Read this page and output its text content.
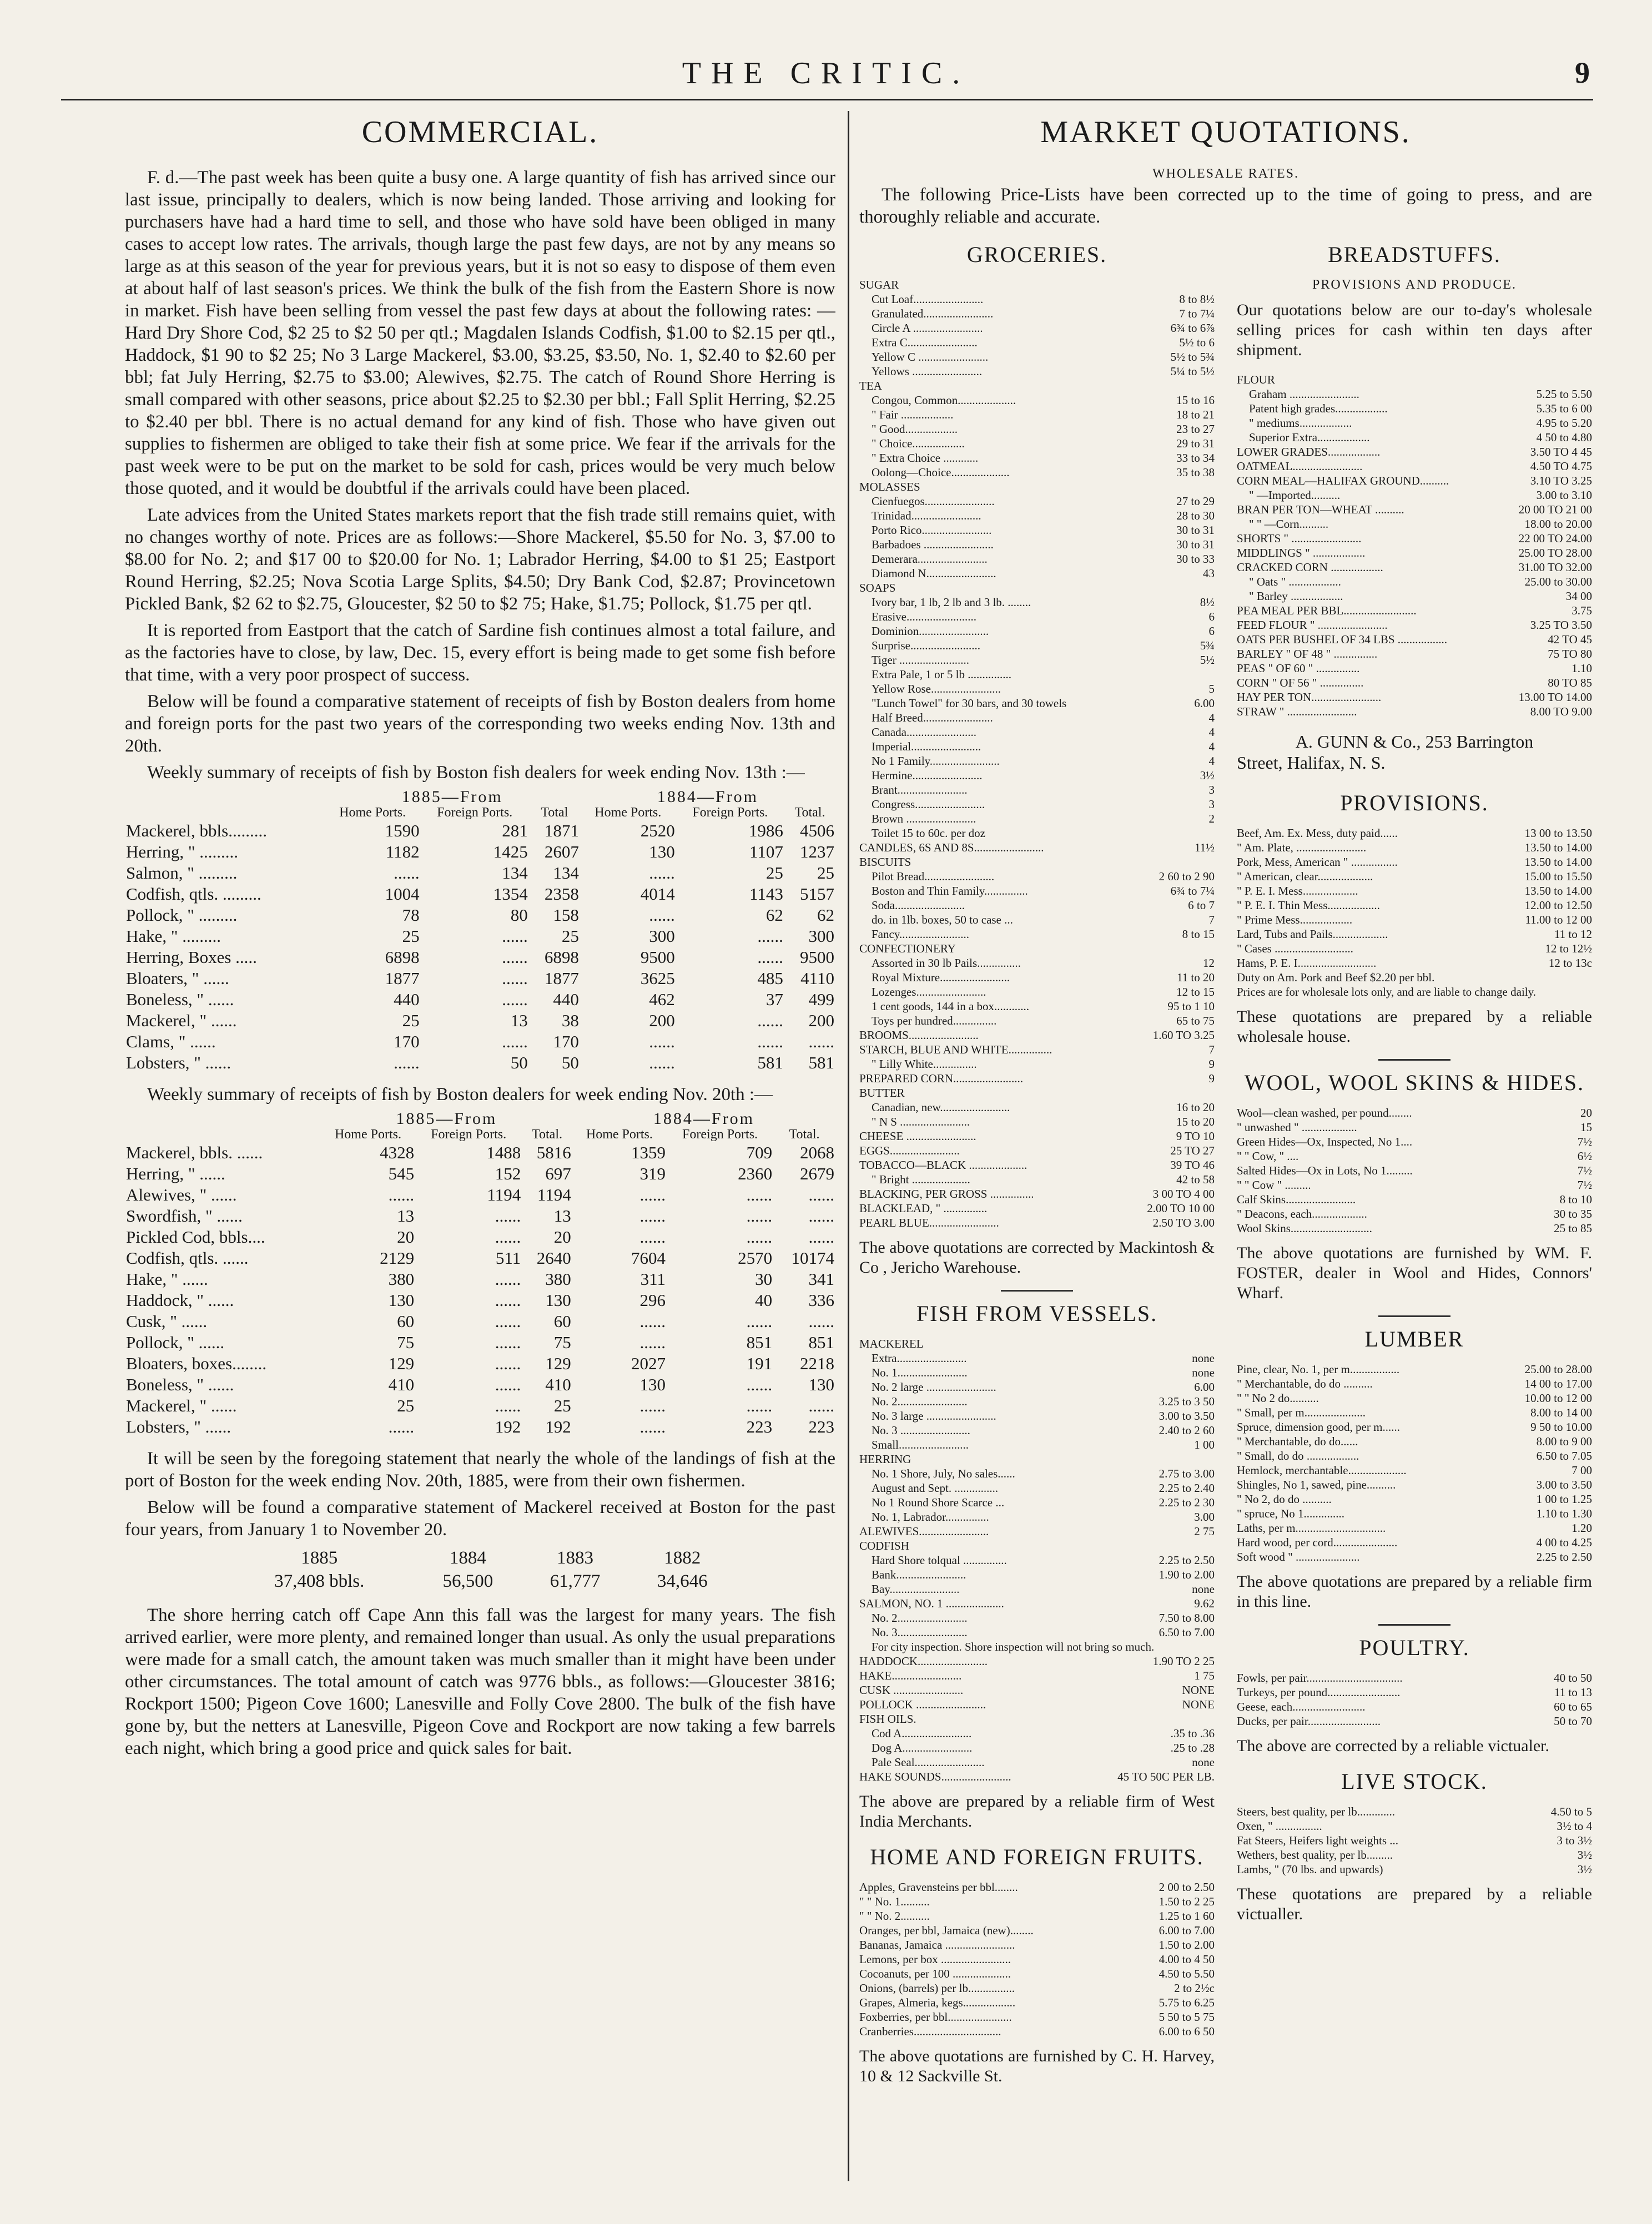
THE CRITIC.	9
COMMERCIAL.

F. d.—The past week has been quite a busy one. A large quantity of fish has arrived since our last issue, principally to dealers, which is now being landed. Those arriving and looking for purchasers have had a hard time to sell, and those who have sold have been obliged in many cases to accept low rates. The arrivals, though large the past few days, are not by any means so large as at this season of the year for previous years, but it is not so easy to dispose of them even at about half of last season's prices. We think the bulk of the fish from the Eastern Shore is now in market. Fish have been selling from vessel the past few days at about the following rates: —Hard Dry Shore Cod, $2 25 to $2 50 per qtl.; Magdalen Islands Codfish, $1.00 to $2.15 per qtl., Haddock, $1 90 to $2 25; No 3 Large Mackerel, $3.00, $3.25, $3.50, No. 1, $2.40 to $2.60 per bbl; fat July Herring, $2.75 to $3.00; Alewives, $2.75. The catch of Round Shore Herring is small compared with other seasons, price about $2.25 to $2.30 per bbl.; Fall Split Herring, $2.25 to $2.40 per bbl. There is no actual demand for any kind of fish. Those who have given out supplies to fishermen are obliged to take their fish at some price. We fear if the arrivals for the past week were to be put on the market to be sold for cash, prices would be very much below those quoted, and it would be doubtful if the arrivals could have been placed.

Late advices from the United States markets report that the fish trade still remains quiet, with no changes worthy of note. Prices are as follows:—Shore Mackerel, $5.50 for No. 3, $7.00 to $8.00 for No. 2; and $17 00 to $20.00 for No. 1; Labrador Herring, $4.00 to $1 25; Eastport Round Herring, $2.25; Nova Scotia Large Splits, $4.50; Dry Bank Cod, $2.87; Provincetown Pickled Bank, $2 62 to $2.75, Gloucester, $2 50 to $2 75; Hake, $1.75; Pollock, $1.75 per qtl.

It is reported from Eastport that the catch of Sardine fish continues almost a total failure, and as the factories have to close, by law, Dec. 15, every effort is being made to get some fish before that time, with a very poor prospect of success.

Below will be found a comparative statement of receipts of fish by Boston dealers from home and foreign ports for the past two years of the corresponding two weeks ending Nov. 13th and 20th.

Weekly summary of receipts of fish by Boston fish dealers for week ending Nov. 13th :—

	1885—From			1884—From		
	Home Ports.	Foreign Ports.	Total	Home Ports.	Foreign Ports.	Total.
Mackerel, bbls.........	1590	281	1871	2520	1986	4506
Herring, " .........	1182	1425	2607	130	1107	1237
Salmon, " .........	......	134	134	......	25	25
Codfish, qtls. .........	1004	1354	2358	4014	1143	5157
Pollock, " .........	78	80	158	......	62	62
Hake, " .........	25	......	25	300	......	300
Herring, Boxes .....	6898	......	6898	9500	......	9500
Bloaters, " ......	1877	......	1877	3625	485	4110
Boneless, " ......	440	......	440	462	37	499
Mackerel, " ......	25	13	38	200	......	200
Clams, " ......	170	......	170	......	......	......
Lobsters, " ......	......	50	50	......	581	581

Weekly summary of receipts of fish by Boston dealers for week ending Nov. 20th :—

	1885—From			1884—From		
	Home Ports.	Foreign Ports.	Total.	Home Ports.	Foreign Ports.	Total.
Mackerel, bbls. ......	4328	1488	5816	1359	709	2068
Herring, " ......	545	152	697	319	2360	2679
Alewives, " ......	......	1194	1194	......	......	......
Swordfish, " ......	13	......	13	......	......	......
Pickled Cod, bbls....	20	......	20	......	......	......
Codfish, qtls. ......	2129	511	2640	7604	2570	10174
Hake, " ......	380	......	380	311	30	341
Haddock, " ......	130	......	130	296	40	336
Cusk, " ......	60	......	60	......	......	......
Pollock, " ......	75	......	75	......	851	851
Bloaters, boxes........	129	......	129	2027	191	2218
Boneless, " ......	410	......	410	130	......	130
Mackerel, " ......	25	......	25	......	......	......
Lobsters, " ......	......	192	192	......	223	223

It will be seen by the foregoing statement that nearly the whole of the landings of fish at the port of Boston for the week ending Nov. 20th, 1885, were from their own fishermen.

Below will be found a comparative statement of Mackerel received at Boston for the past four years, from January 1 to November 20.

1885	1884	1883	1882
37,408 bbls.	56,500	61,777	34,646

The shore herring catch off Cape Ann this fall was the largest for many years. The fish arrived earlier, were more plenty, and remained longer than usual. As only the usual preparations were made for a small catch, the amount taken was much smaller than it might have been under other circumstances. The total amount of catch was 9776 bbls., as follows:—Gloucester 3816; Rockport 1500; Pigeon Cove 1600; Lanesville and Folly Cove 2800. The bulk of the fish have gone by, but the netters at Lanesville, Pigeon Cove and Rockport are now taking a few barrels each night, which bring a good price and quick sales for bait.

MARKET QUOTATIONS.
WHOLESALE RATES.

The following Price-Lists have been corrected up to the time of going to press, and are thoroughly reliable and accurate.

GROCERIES.
SUGAR
Cut Loaf........................	8 to 8½
Granulated........................	7 to 7¼
Circle A ........................	6¾ to 6⅞
Extra C........................	5½ to 6
Yellow C ........................	5½ to 5¾
Yellows ........................	5¼ to 5½
TEA
Congou, Common....................	15 to 16
" Fair ..................	18 to 21
" Good..................	23 to 27
" Choice..................	29 to 31
" Extra Choice ............	33 to 34
Oolong—Choice....................	35 to 38
MOLASSES
Cienfuegos........................	27 to 29
Trinidad........................	28 to 30
Porto Rico........................	30 to 31
Barbadoes ........................	30 to 31
Demerara........................	30 to 33
Diamond N........................	43
SOAPS
Ivory bar, 1 lb, 2 lb and 3 lb. ........	8½
Erasive........................	6
Dominion........................	6
Surprise........................	5¾
Tiger ........................	5½
Extra Pale, 1 or 5 lb ...............
Yellow Rose........................	5
"Lunch Towel" for 30 bars, and 30 towels	6.00
Half Breed........................	4
Canada........................	4
Imperial........................	4
No 1 Family........................	4
Hermine........................	3½
Brant........................	3
Congress........................	3
Brown ........................	2
Toilet 15 to 60c. per doz
CANDLES, 6S AND 8S........................	11½
BISCUITS
Pilot Bread........................	2 60 to 2 90
Boston and Thin Family...............	6¾ to 7¼
Soda........................	6 to 7
do. in 1lb. boxes, 50 to case ...	7
Fancy........................	8 to 15
CONFECTIONERY
Assorted in 30 lb Pails...............	12
Royal Mixture........................	11 to 20
Lozenges........................	12 to 15
1 cent goods, 144 in a box............	95 to 1 10
Toys per hundred...............	65 to 75
BROOMS........................	1.60 TO 3.25
STARCH, BLUE AND WHITE...............	7
" Lilly White...............	9
PREPARED CORN........................	9
BUTTER
Canadian, new........................	16 to 20
" N S ........................	15 to 20
CHEESE ........................	9 TO 10
EGGS........................	25 TO 27
TOBACCO—BLACK ....................	39 TO 46
" Bright ....................	42 to 58
BLACKING, PER GROSS ...............	3 00 TO 4 00
BLACKLEAD, " ...............	2.00 TO 10 00
PEARL BLUE........................	2.50 TO 3.00
The above quotations are corrected by Mackintosh & Co , Jericho Warehouse.
FISH FROM VESSELS.
MACKEREL
Extra........................	none
No. 1........................	none
No. 2 large ........................	6.00
No. 2........................	3.25 to 3 50
No. 3 large ........................	3.00 to 3.50
No. 3 ........................	2.40 to 2 60
Small........................	1 00
HERRING
No. 1 Shore, July, No sales......	2.75 to 3.00
August and Sept. ...............	2.25 to 2.40
No 1 Round Shore Scarce ...	2.25 to 2 30
No. 1, Labrador...............	3.00
ALEWIVES........................	2 75
CODFISH
Hard Shore tolqual ...............	2.25 to 2.50
Bank........................	1.90 to 2.00
Bay........................	none
SALMON, NO. 1 ....................	9.62
No. 2........................	7.50 to 8.00
No. 3........................	6.50 to 7.00
For city inspection. Shore inspection will not bring so much.
HADDOCK........................	1.90 TO 2 25
HAKE........................	1 75
CUSK ........................	NONE
POLLOCK ........................	NONE
FISH OILS.
Cod A........................	.35 to .36
Dog A........................	.25 to .28
Pale Seal........................	none
HAKE SOUNDS........................	45 TO 50C PER LB.
The above are prepared by a reliable firm of West India Merchants.
HOME AND FOREIGN FRUITS.
Apples, Gravensteins per bbl........	2 00 to 2.50
" " No. 1..........	1.50 to 2 25
" " No. 2..........	1.25 to 1 60
Oranges, per bbl, Jamaica (new)........	6.00 to 7.00
Bananas, Jamaica ........................	1.50 to 2.00
Lemons, per box ........................	4.00 to 4 50
Cocoanuts, per 100 ....................	4.50 to 5.50
Onions, (barrels) per lb................	2 to 2½c
Grapes, Almeria, kegs..................	5.75 to 6.25
Foxberries, per bbl......................	5 50 to 5 75
Cranberries..............................	6.00 to 6 50
The above quotations are furnished by C. H. Harvey, 10 & 12 Sackville St.
BREADSTUFFS.
PROVISIONS AND PRODUCE.
Our quotations below are our to-day's wholesale selling prices for cash within ten days after shipment.
FLOUR
Graham ........................	5.25 to 5.50
Patent high grades..................	5.35 to 6 00
" mediums..................	4.95 to 5.20
Superior Extra..................	4 50 to 4.80
LOWER GRADES..................	3.50 TO 4 45
OATMEAL........................	4.50 TO 4.75
CORN MEAL—HALIFAX GROUND..........	3.10 TO 3.25
" —Imported..........	3.00 to 3.10
BRAN PER TON—WHEAT ..........	20 00 TO 21 00
" " —Corn..........	18.00 to 20.00
SHORTS " ........................	22 00 TO 24.00
MIDDLINGS " ..................	25.00 TO 28.00
CRACKED CORN ..................	31.00 TO 32.00
" Oats " ..................	25.00 to 30.00
" Barley ..................	34 00
PEA MEAL PER BBL.........................	3.75
FEED FLOUR " ........................	3.25 TO 3.50
OATS PER BUSHEL OF 34 LBS .................	42 TO 45
BARLEY " OF 48 " ...............	75 TO 80
PEAS " OF 60 " ...............	1.10
CORN " OF 56 " ...............	80 TO 85
HAY PER TON........................	13.00 TO 14.00
STRAW " ........................	8.00 TO 9.00
A. GUNN & Co., 253 Barrington
Street, Halifax, N. S.
PROVISIONS.
Beef, Am. Ex. Mess, duty paid......	13 00 to 13.50
" Am. Plate, ........................	13.50 to 14.00
Pork, Mess, American " ................	13.50 to 14.00
" American, clear...................	15.00 to 15.50
" P. E. I. Mess...................	13.50 to 14.00
" P. E. I. Thin Mess..................	12.00 to 12.50
" Prime Mess..................	11.00 to 12 00
Lard, Tubs and Pails...................	11 to 12
" Cases ...........................	12 to 12½
Hams, P. E. I...........................	12 to 13c
Duty on Am. Pork and Beef $2.20 per bbl.
Prices are for wholesale lots only, and are liable to change daily.
These quotations are prepared by a reliable wholesale house.
WOOL, WOOL SKINS & HIDES.
Wool—clean washed, per pound........	20
" unwashed " ...................	15
Green Hides—Ox, Inspected, No 1....	7½
" " Cow, " ....	6½
Salted Hides—Ox in Lots, No 1.........	7½
" " Cow " .........	7½
Calf Skins........................	8 to 10
" Deacons, each...................	30 to 35
Wool Skins............................	25 to 85
The above quotations are furnished by WM. F. FOSTER, dealer in Wool and Hides, Connors' Wharf.
LUMBER
Pine, clear, No. 1, per m.................	25.00 to 28.00
" Merchantable, do do ..........	14 00 to 17.00
" " No 2 do..........	10.00 to 12 00
" Small, per m.....................	8.00 to 14 00
Spruce, dimension good, per m......	9 50 to 10.00
" Merchantable, do do......	8.00 to 9 00
" Small, do do ..................	6.50 to 7.05
Hemlock, merchantable....................	7 00
Shingles, No 1, sawed, pine..........	3.00 to 3.50
" No 2, do do ..........	1 00 to 1.25
" spruce, No 1..............	1.10 to 1.30
Laths, per m...............................	1.20
Hard wood, per cord......................	4 00 to 4.25
Soft wood " ......................	2.25 to 2.50
The above quotations are prepared by a reliable firm in this line.
POULTRY.
Fowls, per pair.................................	40 to 50
Turkeys, per pound.........................	11 to 13
Geese, each.........................	60 to 65
Ducks, per pair.........................	50 to 70
The above are corrected by a reliable victualer.
LIVE STOCK.
Steers, best quality, per lb.............	4.50 to 5
Oxen, " ................	3½ to 4
Fat Steers, Heifers light weights ...	3 to 3½
Wethers, best quality, per lb.........	3½
Lambs, " (70 lbs. and upwards)	3½
These quotations are prepared by a reliable victualler.
